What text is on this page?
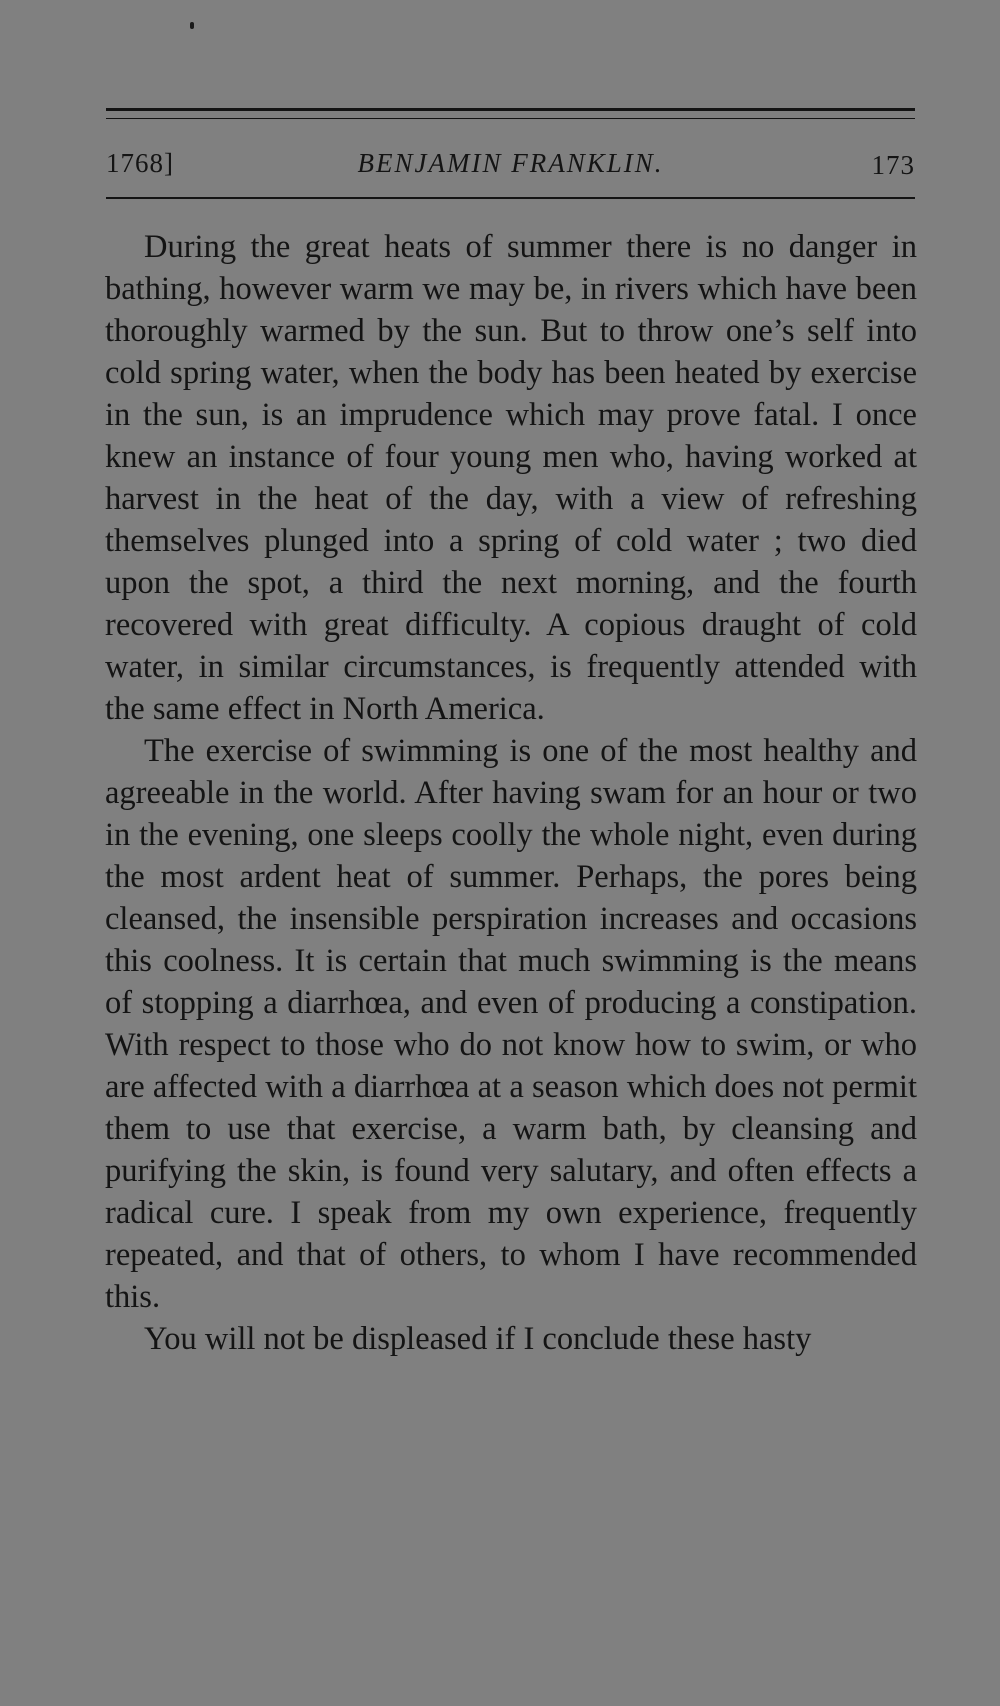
1768]	BENJAMIN FRANKLIN.	173

During the great heats of summer there is no danger in bathing, however warm we may be, in rivers which have been thoroughly warmed by the sun. But to throw one’s self into cold spring water, when the body has been heated by exercise in the sun, is an imprudence which may prove fatal. I once knew an instance of four young men who, having worked at harvest in the heat of the day, with a view of refreshing themselves plunged into a spring of cold water ; two died upon the spot, a third the next morning, and the fourth recovered with great difficulty. A copious draught of cold water, in similar circumstances, is frequently attended with the same effect in North America.

The exercise of swimming is one of the most healthy and agreeable in the world. After having swam for an hour or two in the evening, one sleeps coolly the whole night, even during the most ardent heat of summer. Perhaps, the pores being cleansed, the insensible perspiration increases and occasions this coolness. It is certain that much swimming is the means of stopping a diarrhœa, and even of producing a constipation. With respect to those who do not know how to swim, or who are affected with a diarrhœa at a season which does not permit them to use that exercise, a warm bath, by cleansing and purifying the skin, is found very salutary, and often effects a radical cure. I speak from my own experience, frequently repeated, and that of others, to whom I have recommended this.

You will not be displeased if I conclude these hasty
